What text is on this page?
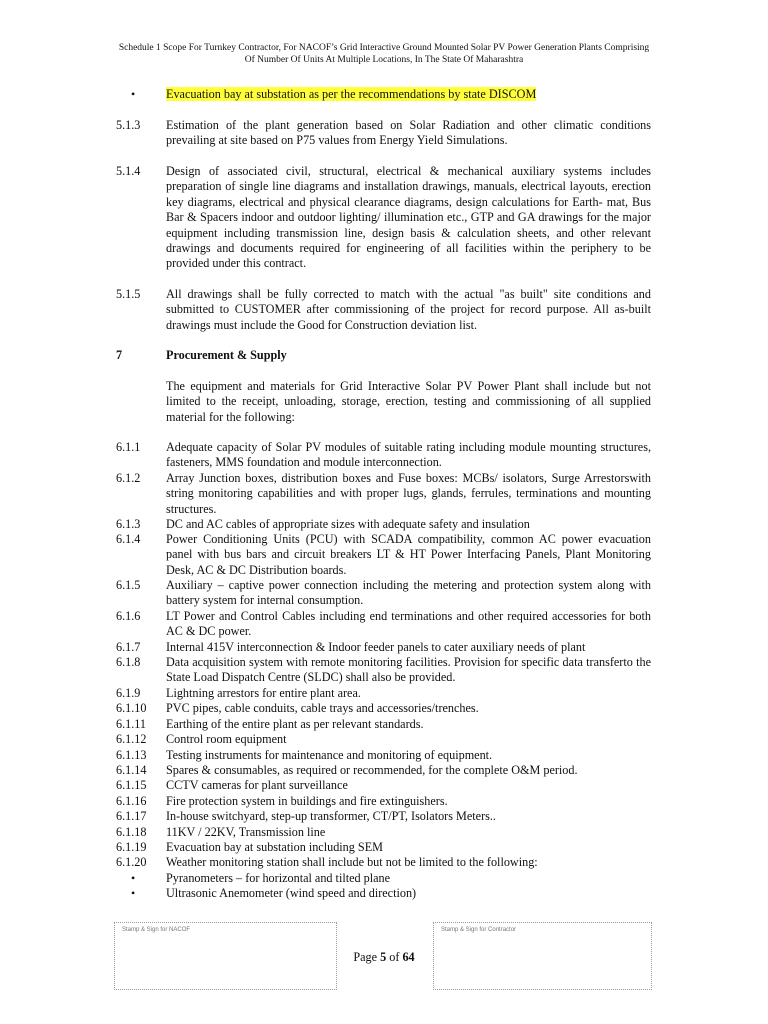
Schedule 1 Scope For Turnkey Contractor, For NACOF’s Grid Interactive Ground Mounted Solar PV Power Generation Plants Comprising
Of Number Of Units At Multiple Locations, In The State Of Maharashtra
•	Evacuation bay at substation as per the recommendations by state DISCOM
5.1.3 Estimation of the plant generation based on Solar Radiation and other climatic conditions prevailing at site based on P75 values from Energy Yield Simulations.
5.1.4 Design of associated civil, structural, electrical & mechanical auxiliary systems includes preparation of single line diagrams and installation drawings, manuals, electrical layouts, erection key diagrams, electrical and physical clearance diagrams, design calculations for Earth- mat, Bus Bar & Spacers indoor and outdoor lighting/ illumination etc., GTP and GA drawings for the major equipment including transmission line, design basis & calculation sheets, and other relevant drawings and documents required for engineering of all facilities within the periphery to be provided under this contract.
5.1.5 All drawings shall be fully corrected to match with the actual "as built" site conditions and submitted to CUSTOMER after commissioning of the project for record purpose. All as-built drawings must include the Good for Construction deviation list.
7	Procurement & Supply
The equipment and materials for Grid Interactive Solar PV Power Plant shall include but not limited to the receipt, unloading, storage, erection, testing and commissioning of all supplied material for the following:
6.1.1 Adequate capacity of Solar PV modules of suitable rating including module mounting structures, fasteners, MMS foundation and module interconnection.
6.1.2 Array Junction boxes, distribution boxes and Fuse boxes: MCBs/ isolators, Surge Arrestorswith string monitoring capabilities and with proper lugs, glands, ferrules, terminations and mounting structures.
6.1.3 DC and AC cables of appropriate sizes with adequate safety and insulation
6.1.4 Power Conditioning Units (PCU) with SCADA compatibility, common AC power evacuation panel with bus bars and circuit breakers LT & HT Power Interfacing Panels, Plant Monitoring Desk, AC & DC Distribution boards.
6.1.5 Auxiliary – captive power connection including the metering and protection system along with battery system for internal consumption.
6.1.6 LT Power and Control Cables including end terminations and other required accessories for both AC & DC power.
6.1.7 Internal 415V interconnection & Indoor feeder panels to cater auxiliary needs of plant
6.1.8 Data acquisition system with remote monitoring facilities. Provision for specific data transferto the State Load Dispatch Centre (SLDC) shall also be provided.
6.1.9 Lightning arrestors for entire plant area.
6.1.10 PVC pipes, cable conduits, cable trays and accessories/trenches.
6.1.11 Earthing of the entire plant as per relevant standards.
6.1.12 Control room equipment
6.1.13 Testing instruments for maintenance and monitoring of equipment.
6.1.14 Spares & consumables, as required or recommended, for the complete O&M period.
6.1.15 CCTV cameras for plant surveillance
6.1.16 Fire protection system in buildings and fire extinguishers.
6.1.17 In-house switchyard, step-up transformer, CT/PT, Isolators Meters..
6.1.18 11KV / 22KV, Transmission line
6.1.19 Evacuation bay at substation including SEM
6.1.20 Weather monitoring station shall include but not be limited to the following:
•	Pyranometers – for horizontal and tilted plane
•	Ultrasonic Anemometer (wind speed and direction)
Stamp & Sign for NACOF	Stamp & Sign for Contractor
Page 5 of 64
